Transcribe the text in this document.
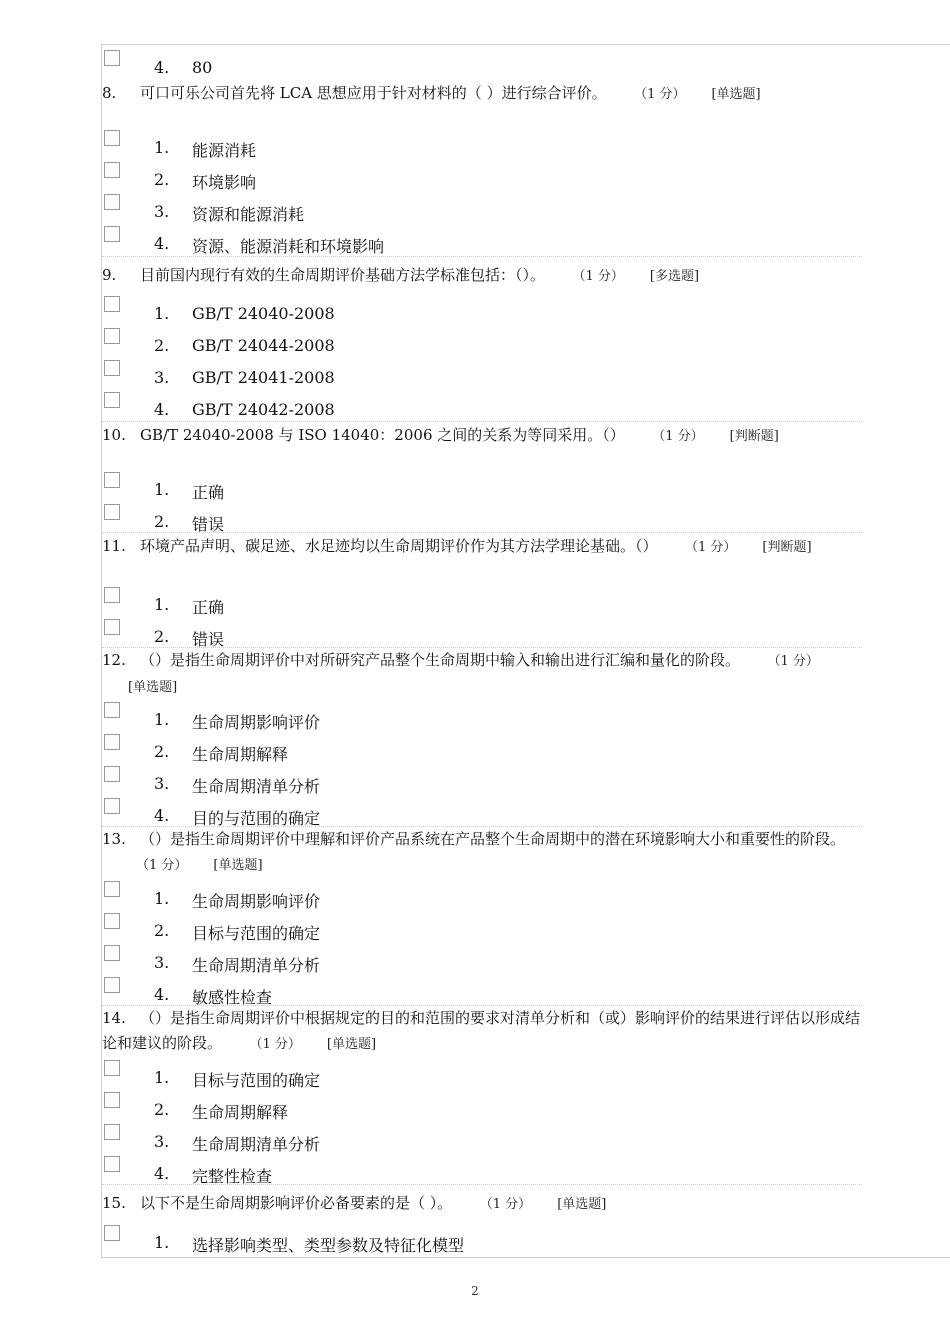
4. 80
8. 可口可乐公司首先将 LCA 思想应用于针对材料的（ ）进行综合评价。	（1 分） [单选题]
1. 能源消耗
2. 环境影响
3. 资源和能源消耗
4. 资源、能源消耗和环境影响
9. 目前国内现行有效的生命周期评价基础方法学标准包括：（）。	（1 分） [多选题]
1. GB/T 24040-2008
2. GB/T 24044-2008
3. GB/T 24041-2008
4. GB/T 24042-2008
10. GB/T 24040-2008 与 ISO 14040：2006 之间的关系为等同采用。（）	（1 分） [判断题]
1. 正确
2. 错误
11. 环境产品声明、碳足迹、水足迹均以生命周期评价作为其方法学理论基础。（）	（1 分） [判断题]
1. 正确
2. 错误
12. （）是指生命周期评价中对所研究产品整个生命周期中输入和输出进行汇编和量化的阶段。	（1 分）[单选题]
1. 生命周期影响评价
2. 生命周期解释
3. 生命周期清单分析
4. 目的与范围的确定
13. （）是指生命周期评价中理解和评价产品系统在产品整个生命周期中的潜在环境影响大小和重要性的阶段。（1 分） [单选题]
1. 生命周期影响评价
2. 目标与范围的确定
3. 生命周期清单分析
4. 敏感性检查
14. （）是指生命周期评价中根据规定的目的和范围的要求对清单分析和（或）影响评价的结果进行评估以形成结论和建议的阶段。	（1 分） [单选题]
1. 目标与范围的确定
2. 生命周期解释
3. 生命周期清单分析
4. 完整性检查
15. 以下不是生命周期影响评价必备要素的是（ ）。	（1 分） [单选题]
1. 选择影响类型、类型参数及特征化模型
2
